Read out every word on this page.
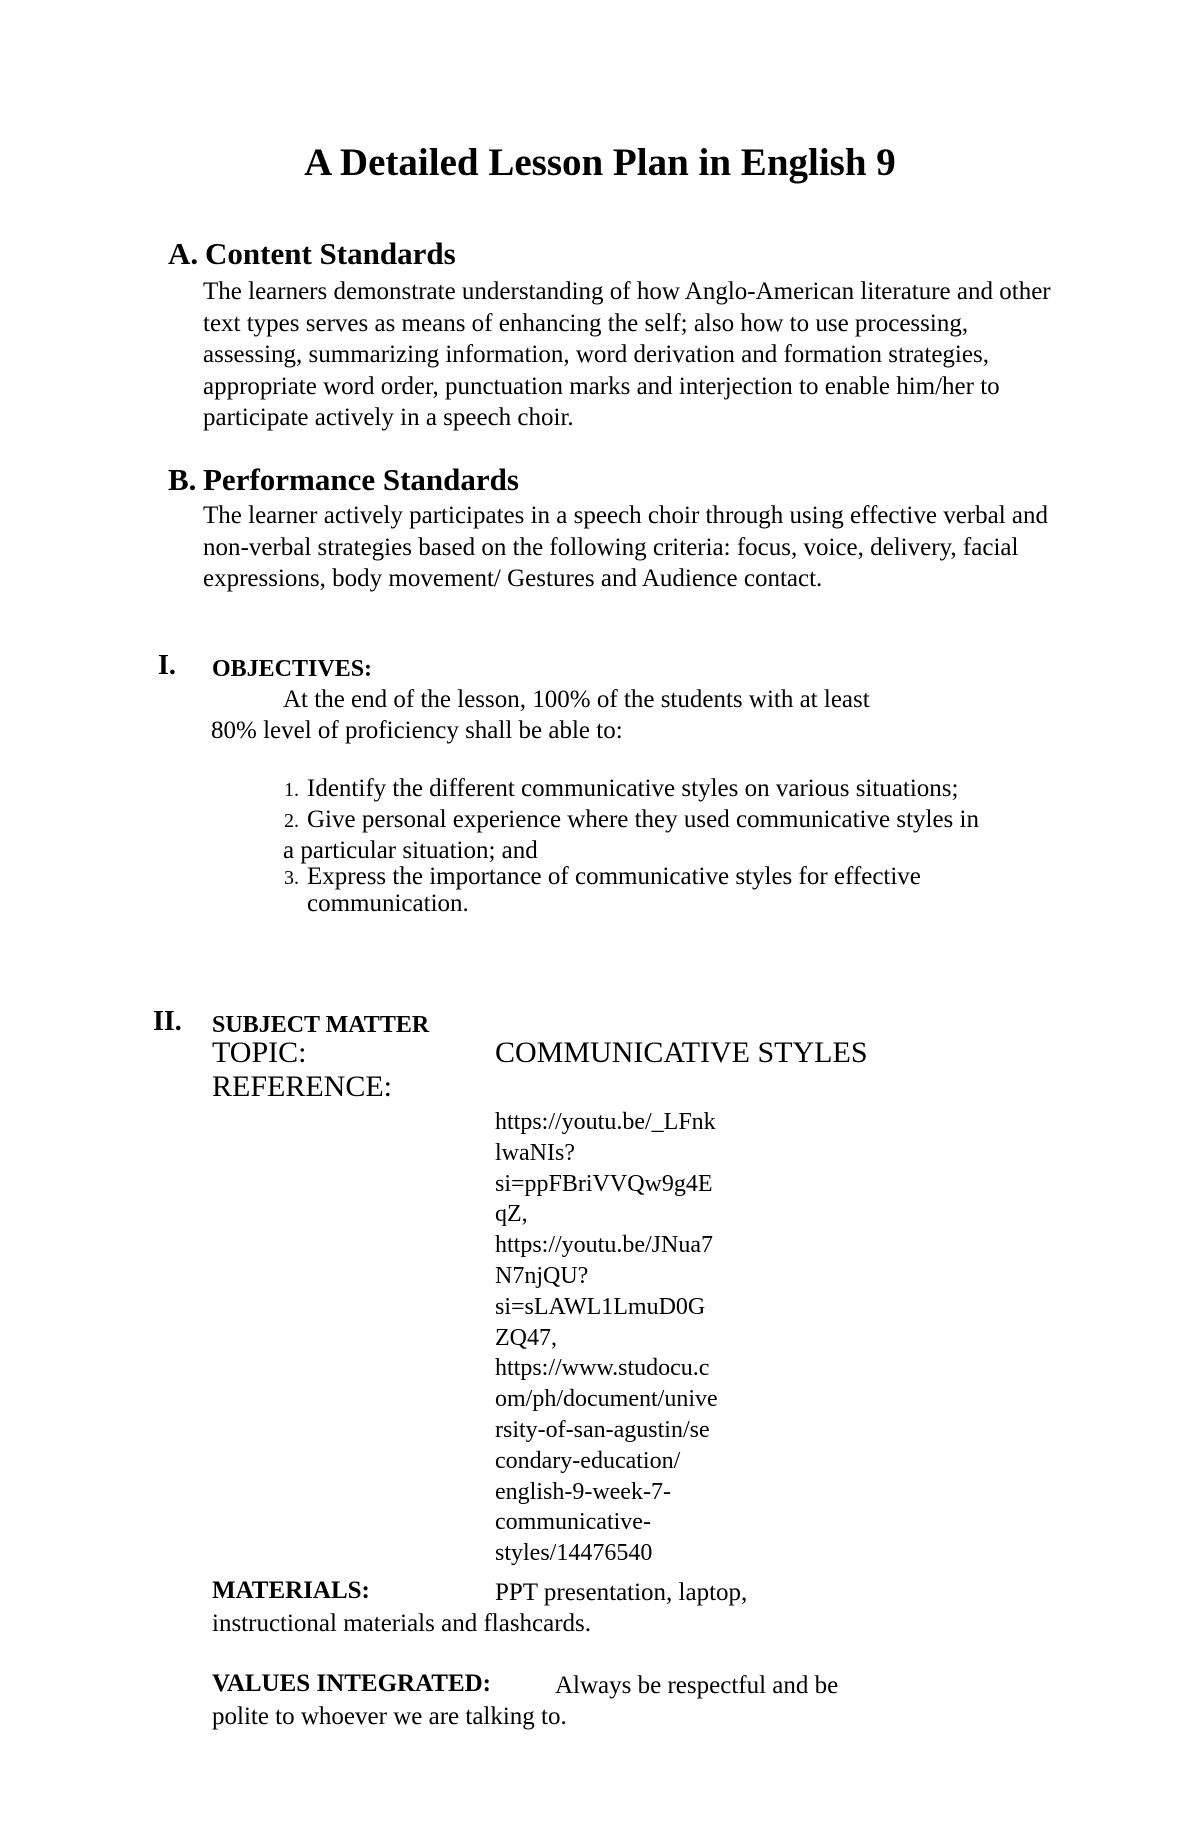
A Detailed Lesson Plan in English 9
A. Content Standards
The learners demonstrate understanding of how Anglo-American literature and other
text types serves as means of enhancing the self; also how to use processing,
assessing, summarizing information, word derivation and formation strategies,
appropriate word order, punctuation marks and interjection to enable him/her to
participate actively in a speech choir.
B. Performance Standards
The learner actively participates in a speech choir through using effective verbal and
non-verbal strategies based on the following criteria: focus, voice, delivery, facial
expressions, body movement/ Gestures and Audience contact.
I. OBJECTIVES:
At the end of the lesson, 100% of the students with at least
80% level of proficiency shall be able to:
1. Identify the different communicative styles on various situations;
2. Give personal experience where they used communicative styles in
a particular situation; and
3. Express the importance of communicative styles for effective
communication.
II. SUBJECT MATTER
TOPIC:	COMMUNICATIVE STYLES
REFERENCE:
https://youtu.be/_LFnk
lwaNIs?
si=ppFBriVVQw9g4E
qZ,
https://youtu.be/JNua7
N7njQU?
si=sLAWL1LmuD0G
ZQ47,
https://www.studocu.c
om/ph/document/unive
rsity-of-san-agustin/se
condary-education/
english-9-week-7-
communicative-
styles/14476540
MATERIALS:	PPT presentation, laptop,
instructional materials and flashcards.
VALUES INTEGRATED:	Always be respectful and be
polite to whoever we are talking to.
